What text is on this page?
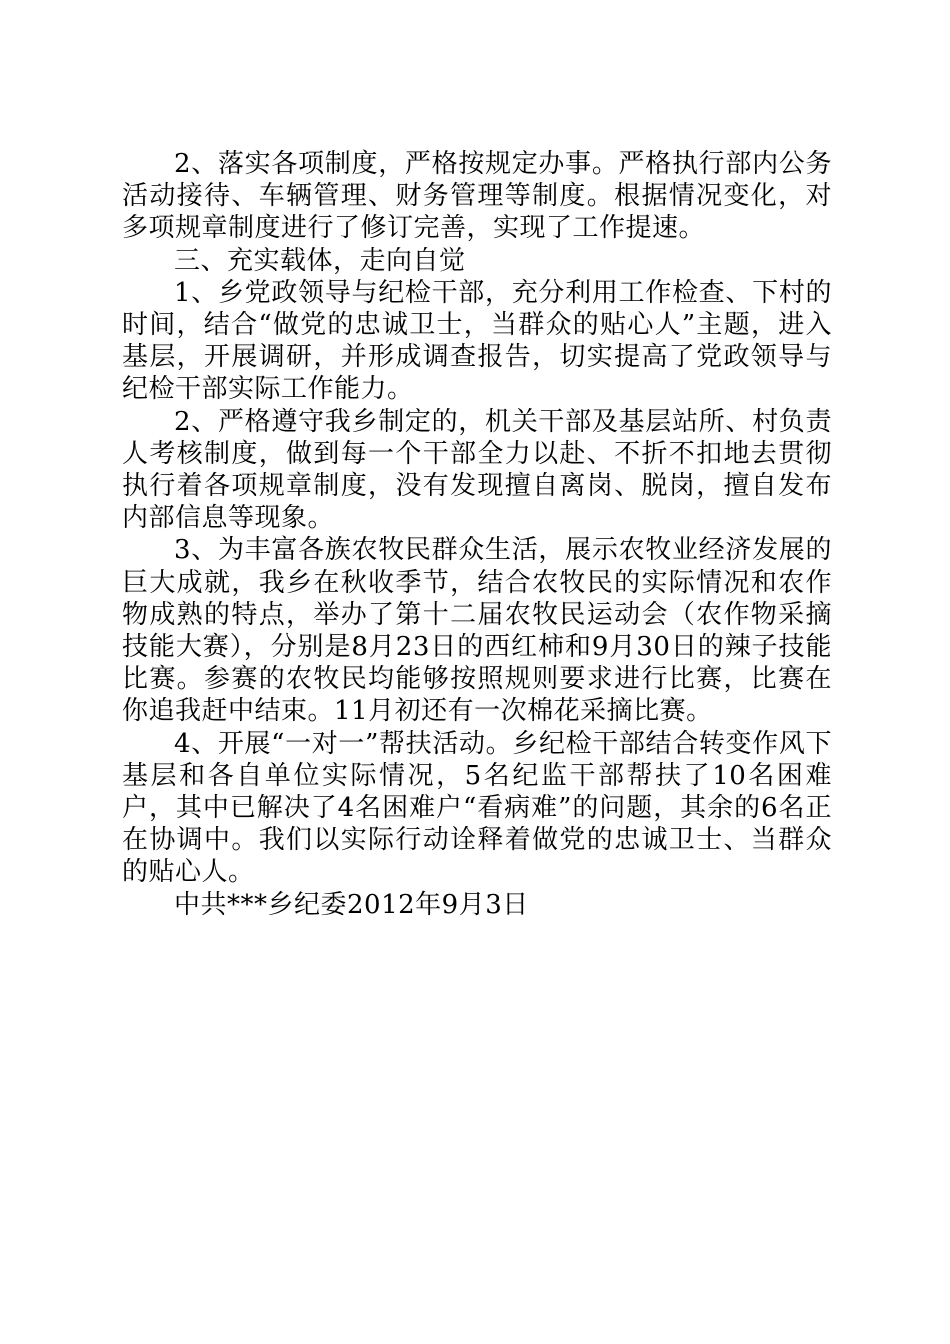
2、落实各项制度，严格按规定办事。严格执行部内公务活动接待、车辆管理、财务管理等制度。根据情况变化，对多项规章制度进行了修订完善，实现了工作提速。

三、充实载体，走向自觉

1、乡党政领导与纪检干部，充分利用工作检查、下村的时间，结合“做党的忠诚卫士，当群众的贴心人”主题，进入基层，开展调研，并形成调查报告，切实提高了党政领导与纪检干部实际工作能力。

2、严格遵守我乡制定的，机关干部及基层站所、村负责人考核制度，做到每一个干部全力以赴、不折不扣地去贯彻执行着各项规章制度，没有发现擅自离岗、脱岗，擅自发布内部信息等现象。

3、为丰富各族农牧民群众生活，展示农牧业经济发展的巨大成就，我乡在秋收季节，结合农牧民的实际情况和农作物成熟的特点，举办了第十二届农牧民运动会（农作物采摘技能大赛），分别是8月23日的西红柿和9月30日的辣子技能比赛。参赛的农牧民均能够按照规则要求进行比赛，比赛在你追我赶中结束。11月初还有一次棉花采摘比赛。

4、开展“一对一”帮扶活动。乡纪检干部结合转变作风下基层和各自单位实际情况，5名纪监干部帮扶了10名困难户，其中已解决了4名困难户“看病难”的问题，其余的6名正在协调中。我们以实际行动诠释着做党的忠诚卫士、当群众的贴心人。

中共***乡纪委2012年9月3日
